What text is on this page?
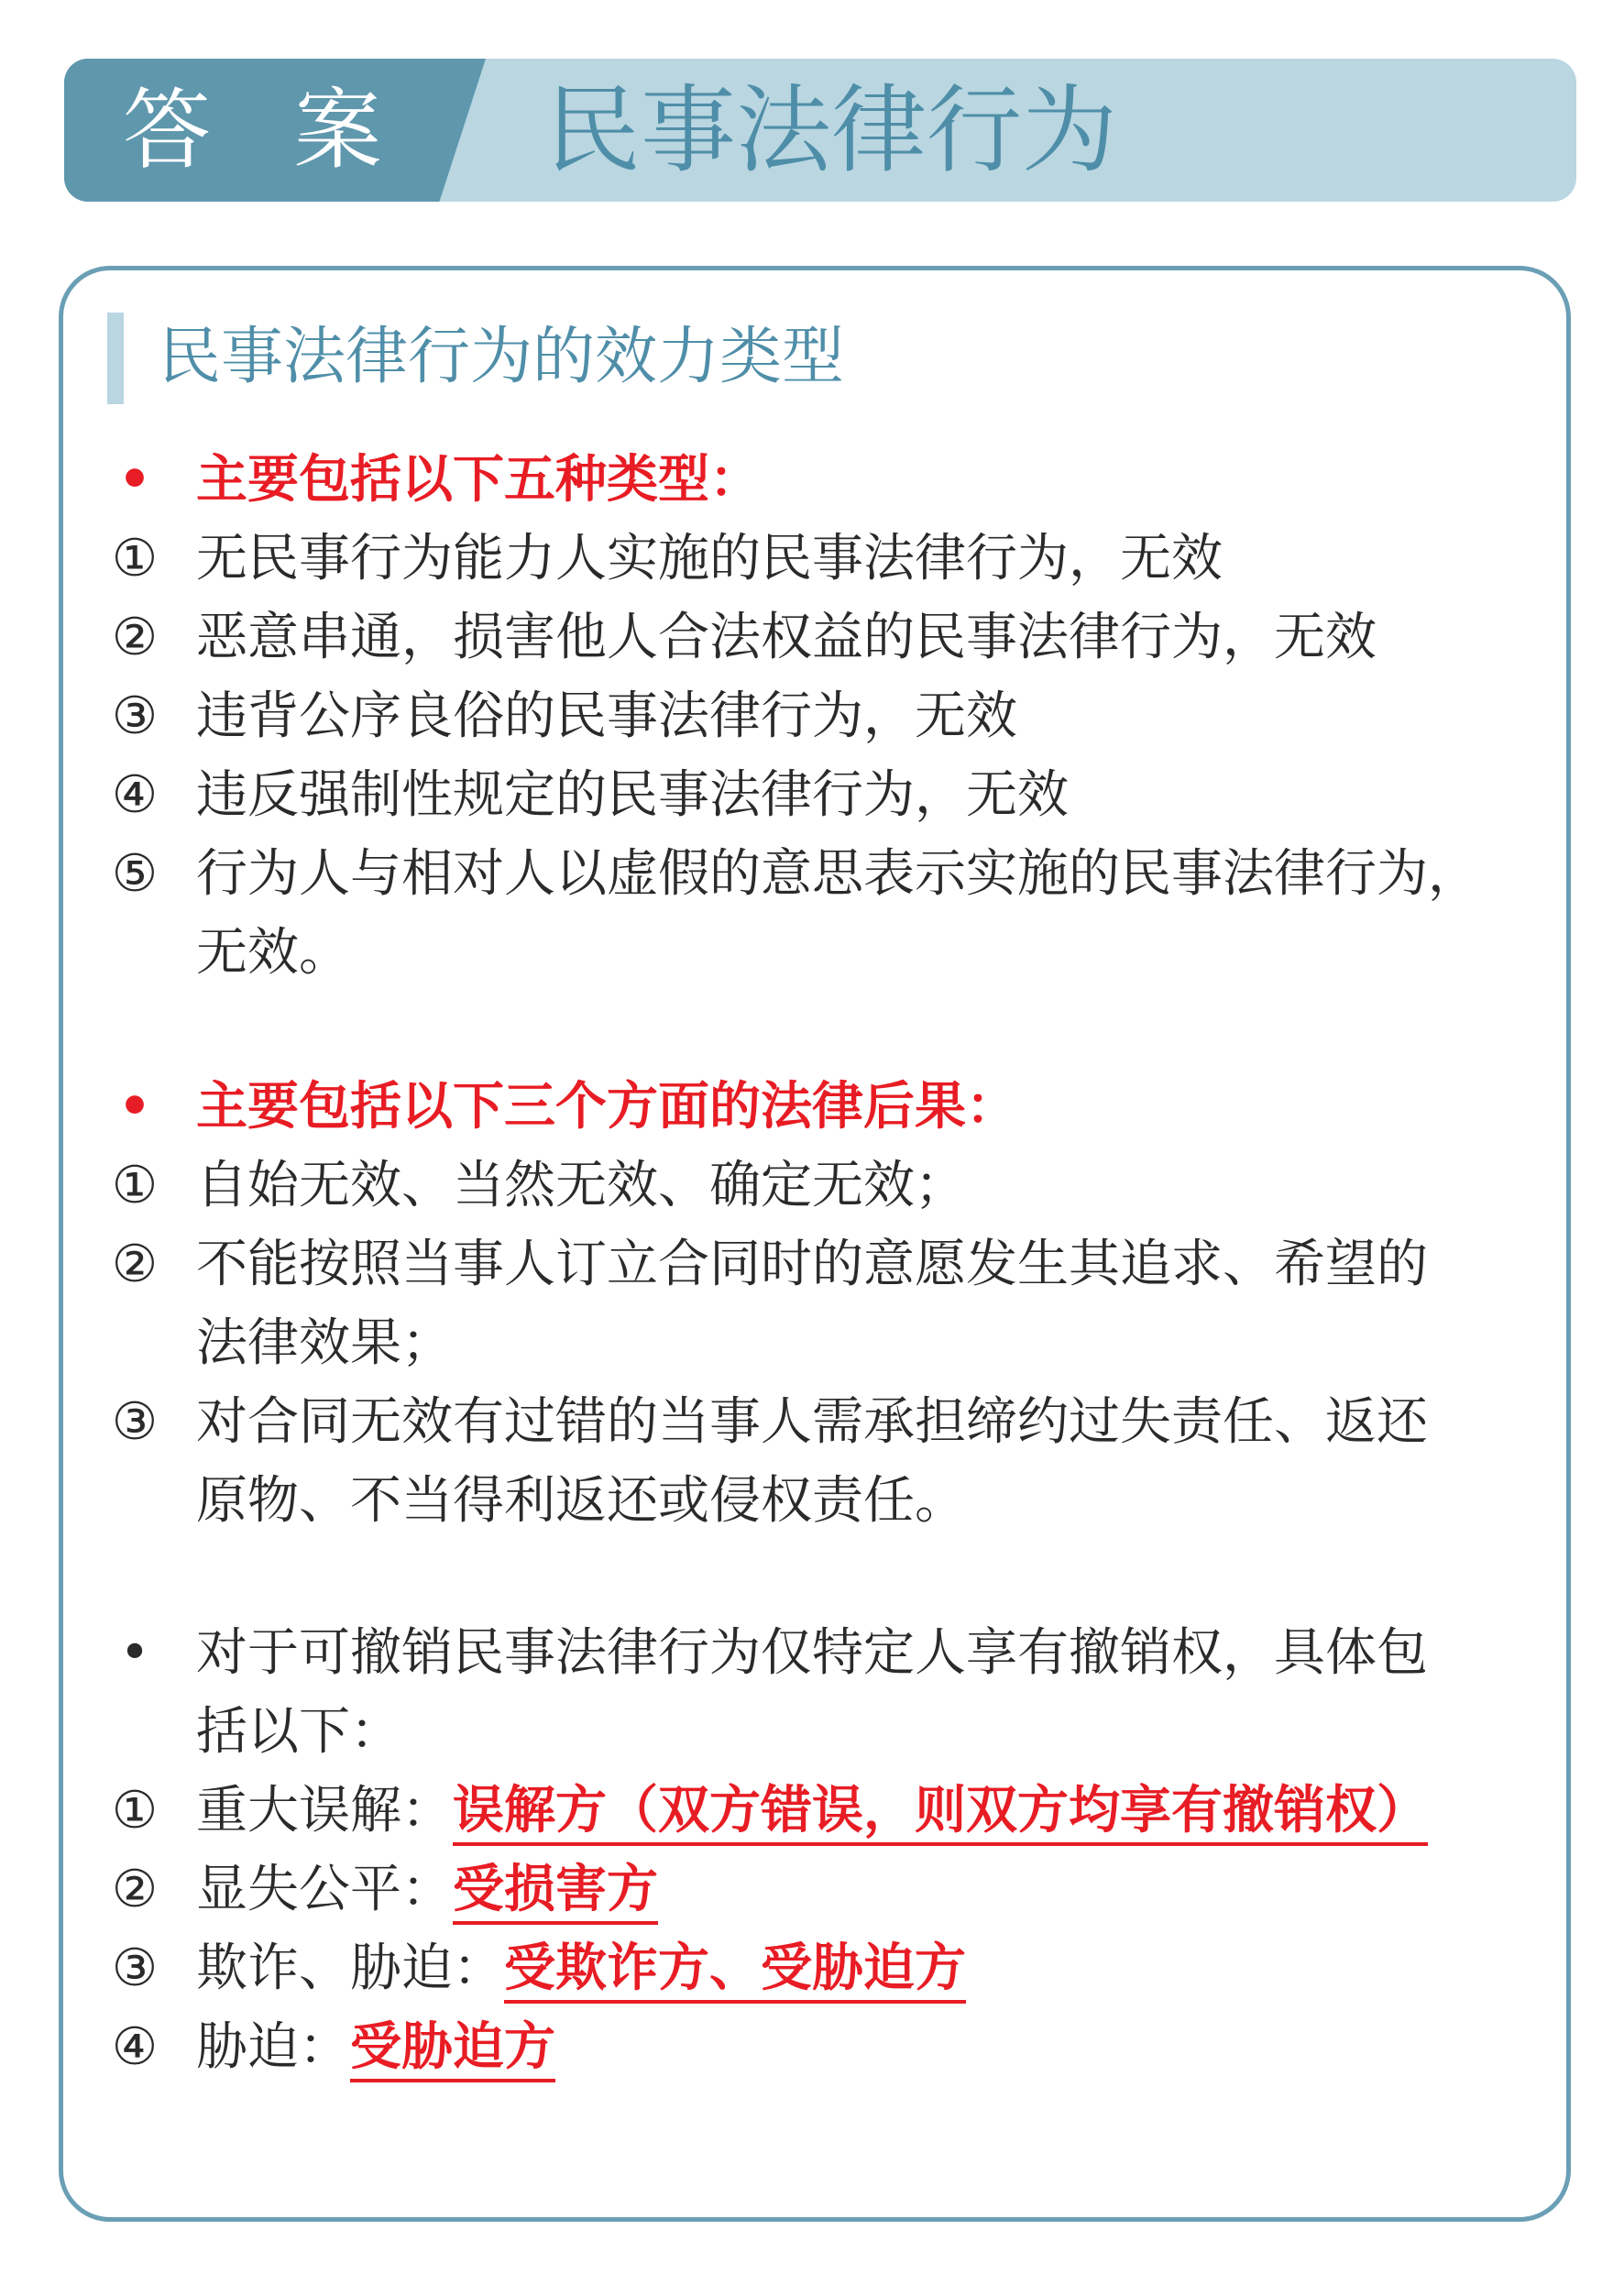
答 案 民事法律行为
民事法律行为的效力类型
• 主要包括以下五种类型：
① 无民事行为能力人实施的民事法律行为，无效
② 恶意串通，损害他人合法权益的民事法律行为，无效
③ 违背公序良俗的民事法律行为，无效
④ 违反强制性规定的民事法律行为，无效
⑤ 行为人与相对人以虚假的意思表示实施的民事法律行为，
无效。
• 主要包括以下三个方面的法律后果：
① 自始无效、当然无效、确定无效；
② 不能按照当事人订立合同时的意愿发生其追求、希望的
法律效果；
③ 对合同无效有过错的当事人需承担缔约过失责任、返还
原物、不当得利返还或侵权责任。
• 对于可撤销民事法律行为仅特定人享有撤销权，具体包
括以下：
① 重大误解：误解方（双方错误，则双方均享有撤销权）
② 显失公平：受损害方
③ 欺诈、胁迫：受欺诈方、受胁迫方
④ 胁迫：受胁迫方
